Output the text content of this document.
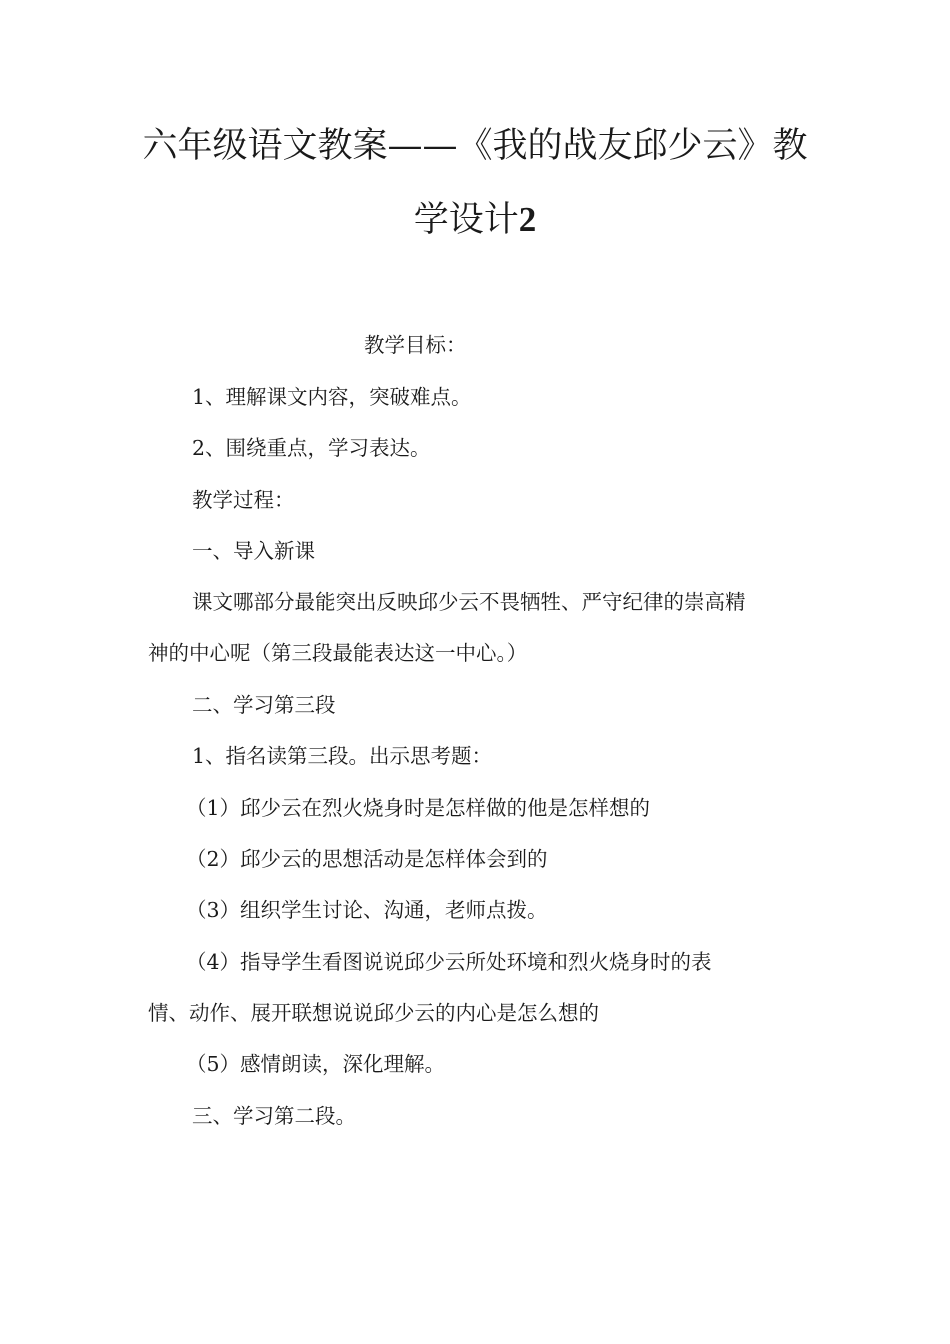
六年级语文教案——《我的战友邱少云》教
学设计2

教学目标：

1、理解课文内容，突破难点。

2、围绕重点，学习表达。

教学过程：

一、导入新课

课文哪部分最能突出反映邱少云不畏牺牲、严守纪律的崇高精

神的中心呢（第三段最能表达这一中心。）

二、学习第三段

1、指名读第三段。出示思考题：

（1）邱少云在烈火烧身时是怎样做的他是怎样想的

（2）邱少云的思想活动是怎样体会到的

（3）组织学生讨论、沟通，老师点拨。

（4）指导学生看图说说邱少云所处环境和烈火烧身时的表

情、动作、展开联想说说邱少云的内心是怎么想的

（5）感情朗读，深化理解。

三、学习第二段。
